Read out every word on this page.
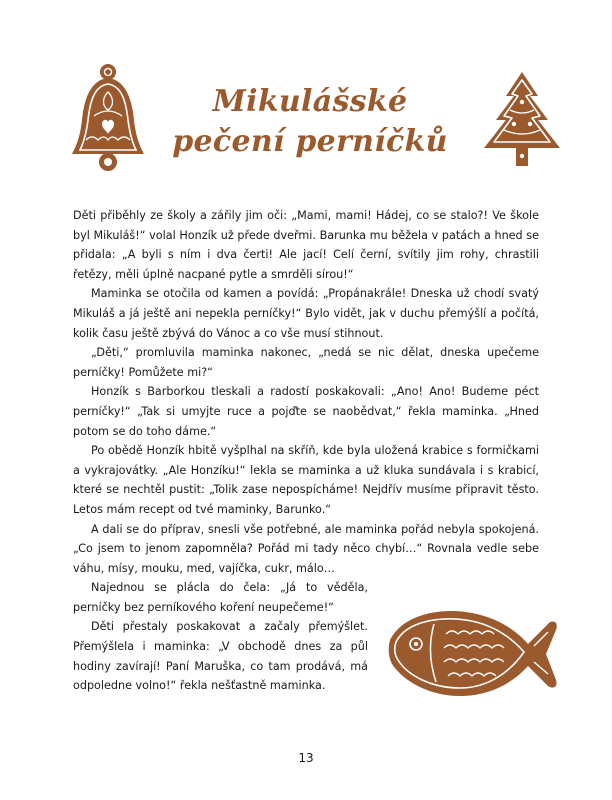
Mikulášské
pečení perníčků

Děti přiběhly ze školy a zářily jim oči: „Mami, mami! Hádej, co se stalo?! Ve škole byl Mikuláš!“ volal Honzík už přede dveřmi. Barunka mu běžela v patách a hned se přidala: „A byli s ním i dva čerti! Ale jací! Celí černí, svítily jim rohy, chrastili řetězy, měli úplně nacpané pytle a smrděli sírou!“

Maminka se otočila od kamen a povídá: „Propánakrále! Dneska už chodí svatý Mikuláš a já ještě ani nepekla perníčky!“ Bylo vidět, jak v duchu přemýšlí a počítá, kolik času ještě zbývá do Vánoc a co vše musí stihnout.

„Děti,“ promluvila maminka nakonec, „nedá se nic dělat, dneska upečeme perníčky! Pomůžete mi?“

Honzík s Barborkou tleskali a radostí poskakovali: „Ano! Ano! Budeme péct perníčky!“ „Tak si umyjte ruce a pojďte se naobědvat,“ řekla maminka. „Hned potom se do toho dáme.“

Po obědě Honzík hbitě vyšplhal na skříň, kde byla uložená krabice s formičkami a vykrajovátky. „Ale Honzíku!“ lekla se maminka a už kluka sundávala i s krabicí, které se nechtěl pustit: „Tolik zase nepospícháme! Nejdřív musíme připravit těsto. Letos mám recept od tvé maminky, Barunko.“

A dali se do příprav, snesli vše potřebné, ale maminka pořád nebyla spokojená. „Co jsem to jenom zapomněla? Pořád mi tady něco chybí…“ Rovnala vedle sebe váhu, mísy, mouku, med, vajíčka, cukr, málo…

Najednou se plácla do čela: „Já to věděla, perníčky bez perníkového koření neupečeme!“

Děti přestaly poskakovat a začaly přemýšlet. Přemýšlela i maminka: „V obchodě dnes za půl hodiny zavírají! Paní Maruška, co tam prodává, má odpoledne volno!“ řekla nešťastně maminka.

13
